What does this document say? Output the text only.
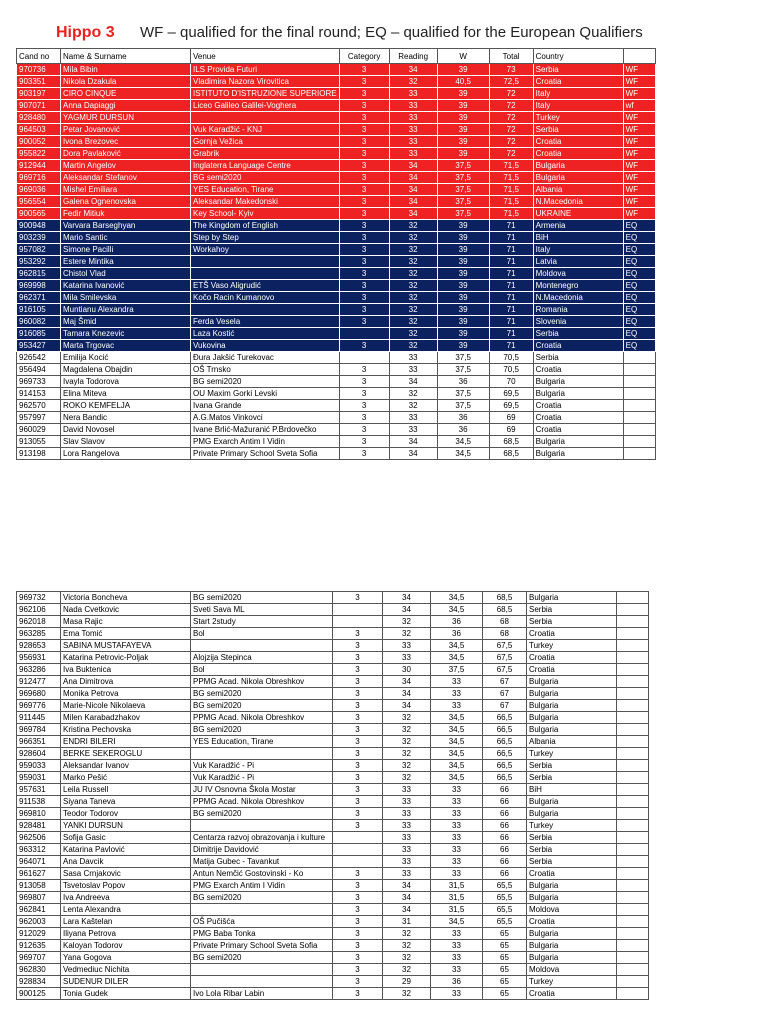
Hippo 3 WF – qualified for the final round; EQ – qualified for the European Qualifiers
Cand no	Name & Surname	Venue	Category	Reading	W	Total	Country	
970736	Mila Bibin	ILS Provida Futuri	3	34	39	73	Serbia	WF
903351	Nikola Dzakula	Vladimira Nazora Virovitica	3	32	40,5	72,5	Croatia	WF
903197	CIRO CINQUE	ISTITUTO D'ISTRUZIONE SUPERIORE	3	33	39	72	Italy	WF
907071	Anna Dapiaggi	Liceo Galileo Galilei-Voghera	3	33	39	72	Italy	wf
928480	YAGMUR DURSUN		3	33	39	72	Turkey	WF
964503	Petar Jovanović	Vuk Karadžić - KNJ	3	33	39	72	Serbia	WF
900052	Ivona Brezovec	Gornja Vežica	3	33	39	72	Croatia	WF
955822	Dora Pavlaković	Grabrik	3	33	39	72	Croatia	WF
912944	Martin Angelov	Inglaterra Language Centre	3	34	37,5	71,5	Bulgaria	WF
969716	Aleksandar Stefanov	BG semi2020	3	34	37,5	71,5	Bulgaria	WF
969036	Mishel Emiliara	YES Education, Tirane	3	34	37,5	71,5	Albania	WF
956554	Galena Ognenovska	Aleksandar Makedonski	3	34	37,5	71,5	N.Macedonia	WF
900565	Fedir Mitiuk	Key School- Kyiv	3	34	37,5	71,5	UKRAINE	WF
900948	Varvara Barseghyan	The Kingdom of English	3	32	39	71	Armenia	EQ
903239	Mario Santic	Step by Step	3	32	39	71	BiH	EQ
957082	Simone Pacilli	Workahoy	3	32	39	71	Italy	EQ
953292	Estere Mintika		3	32	39	71	Latvia	EQ
962815	Chistol Vlad		3	32	39	71	Moldova	EQ
969998	Katarina Ivanović	ETŠ Vaso Aligrudić	3	32	39	71	Montenegro	EQ
962371	Mila Smilevska	Kočo Racin Kumanovo	3	32	39	71	N.Macedonia	EQ
916105	Muntianu Alexandra		3	32	39	71	Romania	EQ
960082	Maj Šmid	Ferda Vesela	3	32	39	71	Slovenia	EQ
916085	Tamara Knezevic	Laza Kostić		32	39	71	Serbia	EQ
953427	Marta Trgovac	Vukovina	3	32	39	71	Croatia	EQ
926542	Emilija Kocić	Đura Jakšić Turekovac		33	37,5	70,5	Serbia	
956494	Magdalena Obajdin	OŠ Trnsko	3	33	37,5	70,5	Croatia	
969733	Ivayla Todorova	BG semi2020	3	34	36	70	Bulgaria	
914153	Elina Miteva	OU Maxim Gorki Levski	3	32	37,5	69,5	Bulgaria	
962570	ROKO KEMFELJA	Ivana Grande	3	32	37,5	69,5	Croatia	
957997	Nera Bandic	A.G.Matos Vinkovci	3	33	36	69	Croatia	
960029	David Novosel	Ivane Brlić-Mažuranić P.Brdovečko	3	33	36	69	Croatia	
913055	Slav Slavov	PMG Exarch Antim I Vidin	3	34	34,5	68,5	Bulgaria	
913198	Lora Rangelova	Private Primary School Sveta Sofia	3	34	34,5	68,5	Bulgaria	
969732	Victoria Boncheva	BG semi2020	3	34	34,5	68,5	Bulgaria	
962106	Nada Cvetkovic	Sveti Sava ML		34	34,5	68,5	Serbia	
962018	Masa Rajic	Start 2study		32	36	68	Serbia	
963285	Ema Tomić	Bol	3	32	36	68	Croatia	
928653	SABINA MUSTAFAYEVA		3	33	34,5	67,5	Turkey	
956931	Katarina Petrovic-Poljak	Alojzija Stepinca	3	33	34,5	67,5	Croatia	
963286	Iva Buktenica	Bol	3	30	37,5	67,5	Croatia	
912477	Ana Dimitrova	PPMG Acad. Nikola Obreshkov	3	34	33	67	Bulgaria	
969680	Monika Petrova	BG semi2020	3	34	33	67	Bulgaria	
969776	Marie-Nicole Nikolaeva	BG semi2020	3	34	33	67	Bulgaria	
911445	Milen Karabadzhakov	PPMG Acad. Nikola Obreshkov	3	32	34,5	66,5	Bulgaria	
969784	Kristina Pechovska	BG semi2020	3	32	34,5	66,5	Bulgaria	
966351	ENDRI BILERI	YES Education, Tirane	3	32	34,5	66,5	Albania	
928604	BERKE SEKEROGLU		3	32	34,5	66,5	Turkey	
959033	Aleksandar Ivanov	Vuk Karadžić - Pi	3	32	34,5	66,5	Serbia	
959031	Marko Pešić	Vuk Karadžić - Pi	3	32	34,5	66,5	Serbia	
957631	Leila Russell	JU IV Osnovna Škola Mostar	3	33	33	66	BiH	
911538	Siyana Taneva	PPMG Acad. Nikola Obreshkov	3	33	33	66	Bulgaria	
969810	Teodor Todorov	BG semi2020	3	33	33	66	Bulgaria	
928481	YANKI DURSUN		3	33	33	66	Turkey	
962506	Sofija Gasic	Centarza razvoj obrazovanja i kulture		33	33	66	Serbia	
963312	Katarina Pavlović	Dimitrije Davidović		33	33	66	Serbia	
964071	Ana Davcik	Matija Gubec - Tavankut		33	33	66	Serbia	
961627	Sasa Crnjakovic	Antun Nemčić Gostovinski - Ko	3	33	33	66	Croatia	
913058	Tsvetoslav Popov	PMG Exarch Antim I Vidin	3	34	31,5	65,5	Bulgaria	
969807	Iva Andreeva	BG semi2020	3	34	31,5	65,5	Bulgaria	
962841	Lenta Alexandra		3	34	31,5	65,5	Moldova	
962003	Lara Kaštelan	OŠ Pučišća	3	31	34,5	65,5	Croatia	
912029	Iliyana Petrova	PMG Baba Tonka	3	32	33	65	Bulgaria	
912635	Kaloyan Todorov	Private Primary School Sveta Sofia	3	32	33	65	Bulgaria	
969707	Yana Gogova	BG semi2020	3	32	33	65	Bulgaria	
962830	Vedmediuc Nichita		3	32	33	65	Moldova	
928834	SUDENUR DILER		3	29	36	65	Turkey	
900125	Tonia Gudek	Ivo Lola Ribar Labin	3	32	33	65	Croatia	
